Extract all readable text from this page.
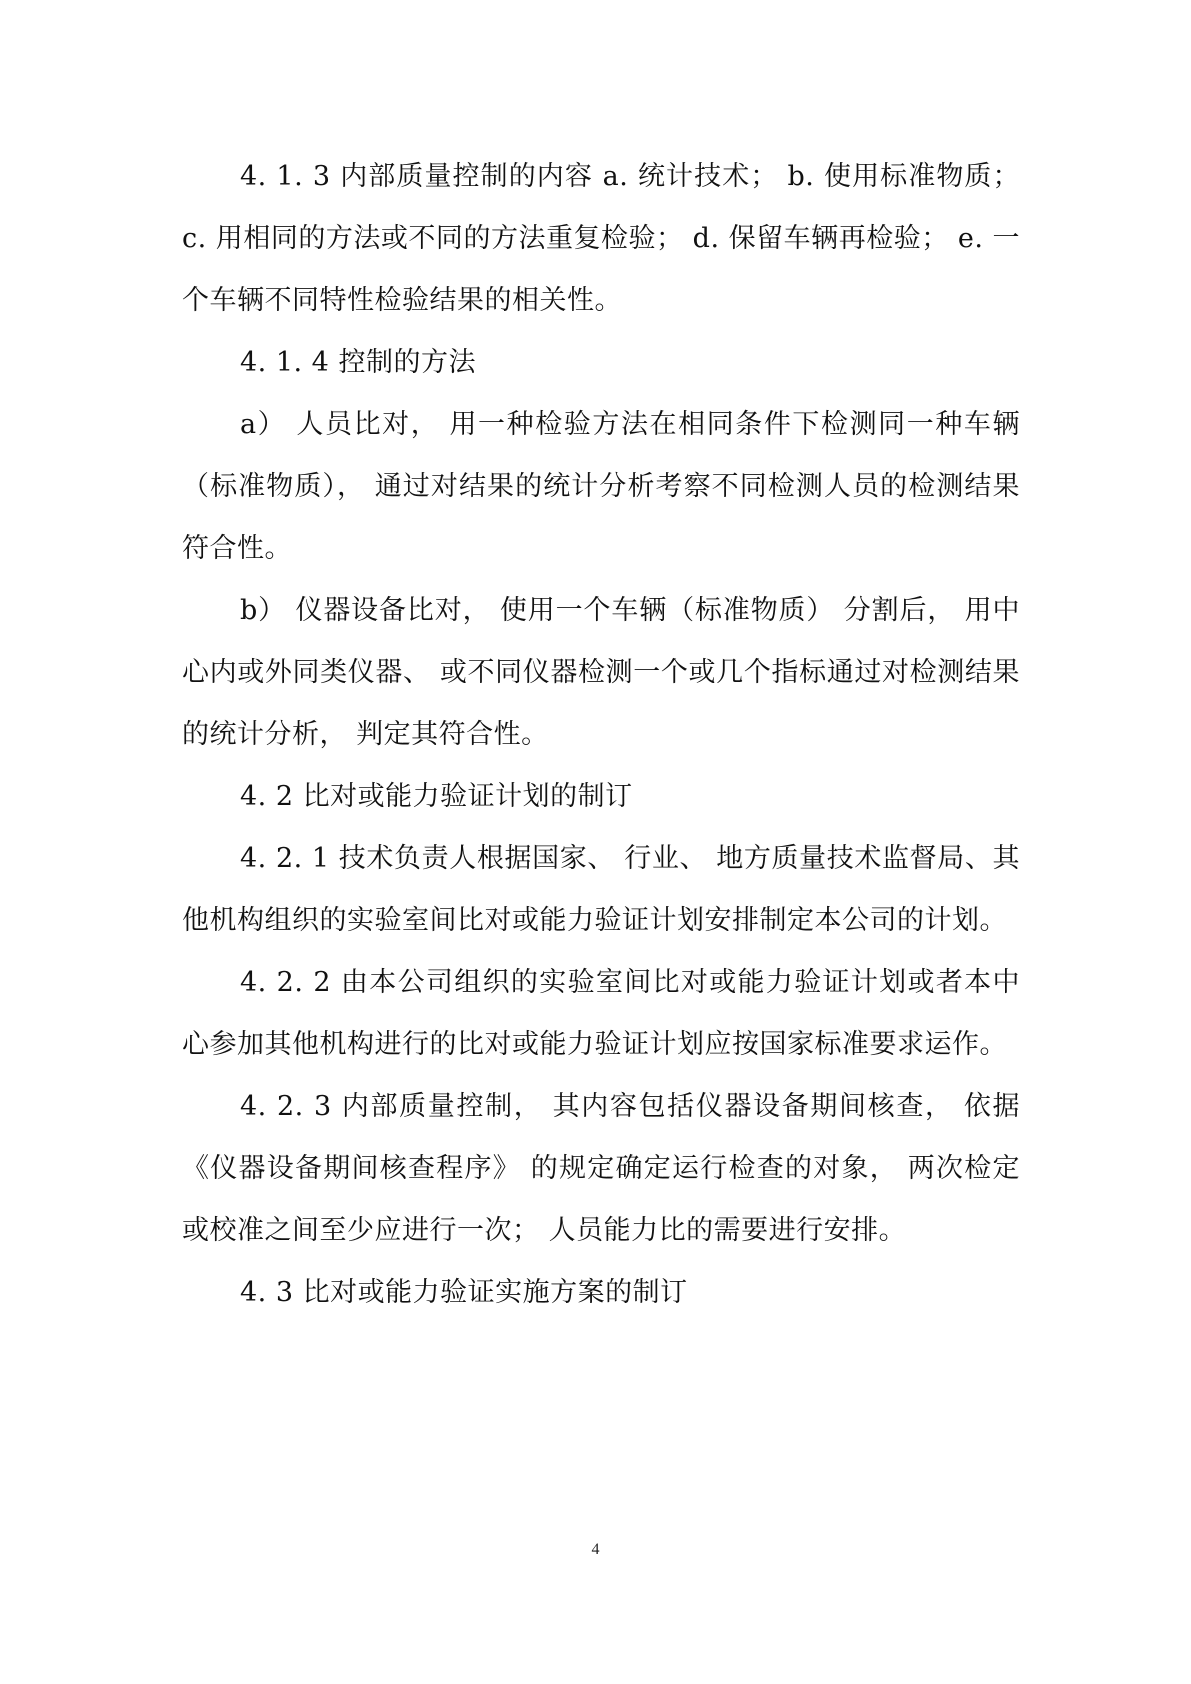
4. 1. 3 内部质量控制的内容 a. 统计技术； b. 使用标准物质； c. 用相同的方法或不同的方法重复检验； d. 保留车辆再检验； e. 一个车辆不同特性检验结果的相关性。

4. 1. 4 控制的方法

a） 人员比对， 用一种检验方法在相同条件下检测同一种车辆（标准物质）， 通过对结果的统计分析考察不同检测人员的检测结果符合性。

b） 仪器设备比对， 使用一个车辆（标准物质） 分割后， 用中心内或外同类仪器、 或不同仪器检测一个或几个指标通过对检测结果的统计分析， 判定其符合性。

4. 2 比对或能力验证计划的制订

4. 2. 1 技术负责人根据国家、 行业、 地方质量技术监督局、其他机构组织的实验室间比对或能力验证计划安排制定本公司的计划。

4. 2. 2 由本公司组织的实验室间比对或能力验证计划或者本中心参加其他机构进行的比对或能力验证计划应按国家标准要求运作。

4. 2. 3 内部质量控制， 其内容包括仪器设备期间核查， 依据《仪器设备期间核查程序》 的规定确定运行检查的对象， 两次检定或校准之间至少应进行一次； 人员能力比的需要进行安排。

4. 3 比对或能力验证实施方案的制订

4
